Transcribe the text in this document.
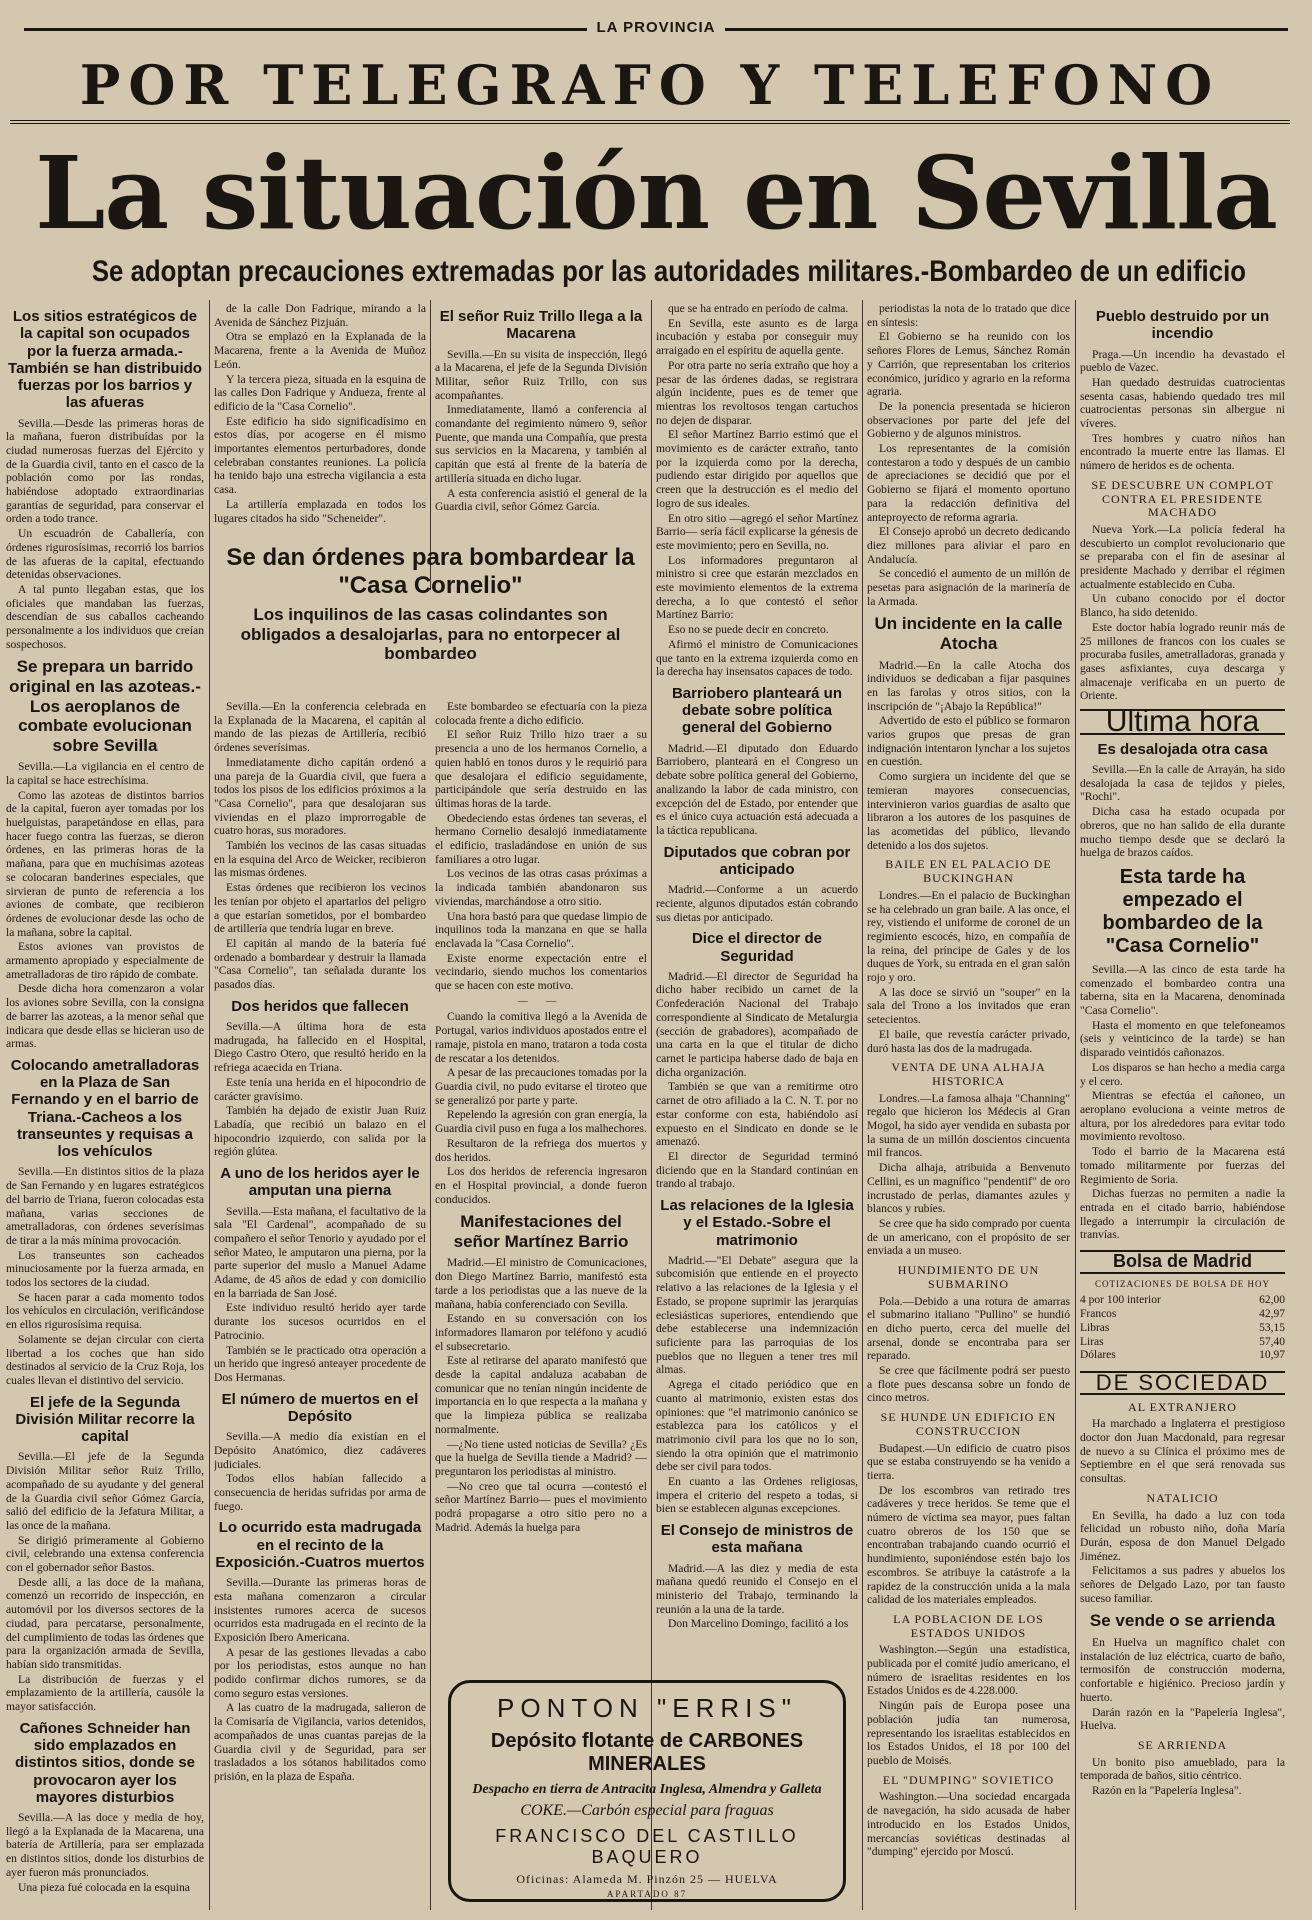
LA PROVINCIA
POR TELEGRAFO Y TELEFONO
La situación en Sevilla
Se adoptan precauciones extremadas por las autoridades militares.-Bombardeo de un edificio
Los sitios estratégicos de la capital son ocupados por la fuerza armada.-También se han distribuido fuerzas por los barrios y las afueras

Sevilla.—Desde las primeras horas de la mañana, fueron distribuídas por la ciudad numerosas fuerzas del Ejército y de la Guardia civil, tanto en el casco de la población como por las rondas, habiéndose adoptado extraordinarias garantías de seguridad, para conservar el orden a todo trance.

Un escuadrón de Caballería, con órdenes rigurosísimas, recorrió los barrios de las afueras de la capital, efectuando detenidas observaciones.

A tal punto llegaban estas, que los oficiales que mandaban las fuerzas, descendían de sus caballos cacheando personalmente a los individuos que creían sospechosos.

Se prepara un barrido original en las azoteas.-Los aeroplanos de combate evolucionan sobre Sevilla

Sevilla.—La vigilancia en el centro de la capital se hace estrechísima.

Como las azoteas de distintos barrios de la capital, fueron ayer tomadas por los huelguistas, parapetándose en ellas, para hacer fuego contra las fuerzas, se dieron órdenes, en las primeras horas de la mañana, para que en muchísimas azoteas se colocaran banderines especiales, que sirvieran de punto de referencia a los aviones de combate, que recibieron órdenes de evolucionar desde las ocho de la mañana, sobre la capital.

Estos aviones van provistos de armamento apropiado y especialmente de ametralladoras de tiro rápido de combate.

Desde dicha hora comenzaron a volar los aviones sobre Sevilla, con la consigna de barrer las azoteas, a la menor señal que indicara que desde ellas se hicieran uso de armas.

Colocando ametralladoras en la Plaza de San Fernando y en el barrio de Triana.-Cacheos a los transeuntes y requisas a los vehículos

Sevilla.—En distintos sitios de la plaza de San Fernando y en lugares estratégicos del barrio de Triana, fueron colocadas esta mañana, varias secciones de ametralladoras, con órdenes severísimas de tirar a la más mínima provocación.

Los transeuntes son cacheados minuciosamente por la fuerza armada, en todos los sectores de la ciudad.

Se hacen parar a cada momento todos los vehículos en circulación, verificándose en ellos rigurosísima requisa.

Solamente se dejan circular con cierta libertad a los coches que han sido destinados al servicio de la Cruz Roja, los cuales llevan el distintivo del servicio.

El jefe de la Segunda División Militar recorre la capital

Sevilla.—El jefe de la Segunda División Militar señor Ruiz Trillo, acompañado de su ayudante y del general de la Guardia civil señor Gómez García, salió del edificio de la Jefatura Militar, a las once de la mañana.

Se dirigió primeramente al Gobierno civil, celebrando una extensa conferencia con el gobernador señor Bastos.

Desde allí, a las doce de la mañana, comenzó un recorrido de inspección, en automóvil por los diversos sectores de la ciudad, para percatarse, personalmente, del cumplimiento de todas las órdenes que para la organización armada de Sevilla, habían sido transmitidas.

La distribución de fuerzas y el emplazamiento de la artillería, causóle la mayor satisfacción.

Cañones Schneider han sido emplazados en distintos sitios, donde se provocaron ayer los mayores disturbios

Sevilla.—A las doce y media de hoy, llegó a la Explanada de la Macarena, una batería de Artillería, para ser emplazada en distintos sitios, donde los disturbios de ayer fueron más pronunciados.

Una pieza fué colocada en la esquina

de la calle Don Fadrique, mirando a la Avenida de Sánchez Pizjuán.

Otra se emplazó en la Explanada de la Macarena, frente a la Avenida de Muñoz León.

Y la tercera pieza, situada en la esquina de las calles Don Fadrique y Andueza, frente al edificio de la "Casa Cornelio".

Este edificio ha sido significadísimo en estos días, por acogerse en él mismo importantes elementos perturbadores, donde celebraban constantes reuniones. La policía ha tenido bajo una estrecha vigilancia a esta casa.

La artillería emplazada en todos los lugares citados ha sido "Scheneider".

El señor Ruiz Trillo llega a la Macarena

Sevilla.—En su visita de inspección, llegó a la Macarena, el jefe de la Segunda División Militar, señor Ruiz Trillo, con sus acompañantes.

Inmediatamente, llamó a conferencia al comandante del regimiento número 9, señor Puente, que manda una Compañía, que presta sus servicios en la Macarena, y también al capitán que está al frente de la batería de artillería situada en dicho lugar.

A esta conferencia asistió el general de la Guardia civil, señor Gómez García.

Se dan órdenes para bombardear la "Casa Cornelio"
Los inquilinos de las casas colindantes son obligados a desalojarlas, para no entorpecer al bombardeo

Sevilla.—En la conferencia celebrada en la Explanada de la Macarena, el capitán al mando de las piezas de Artillería, recibió órdenes severísimas.

Inmediatamente dicho capitán ordenó a una pareja de la Guardia civil, que fuera a todos los pisos de los edificios próximos a la "Casa Cornelio", para que desalojaran sus viviendas en el plazo improrrogable de cuatro horas, sus moradores.

También los vecinos de las casas situadas en la esquina del Arco de Weicker, recibieron las mismas órdenes.

Estas órdenes que recibieron los vecinos les tenían por objeto el apartarlos del peligro a que estarían sometidos, por el bombardeo de artillería que tendría lugar en breve.

El capitán al mando de la batería fué ordenado a bombardear y destruir la llamada "Casa Cornelio", tan señalada durante los pasados días.

Dos heridos que fallecen

Sevilla.—A última hora de esta madrugada, ha fallecido en el Hospital, Diego Castro Otero, que resultó herido en la refriega acaecida en Triana.

Este tenía una herida en el hipocondrio de carácter gravísimo.

También ha dejado de existir Juan Ruiz Labadía, que recibió un balazo en el hipocondrio izquierdo, con salida por la región glútea.

A uno de los heridos ayer le amputan una pierna

Sevilla.—Esta mañana, el facultativo de la sala "El Cardenal", acompañado de su compañero el señor Tenorio y ayudado por el señor Mateo, le amputaron una pierna, por la parte superior del muslo a Manuel Adame Adame, de 45 años de edad y con domicilio en la barriada de San José.

Este individuo resultó herido ayer tarde durante los sucesos ocurridos en el Patrocinio.

También se le practicado otra operación a un herido que ingresó anteayer procedente de Dos Hermanas.

El número de muertos en el Depósito

Sevilla.—A medio día existían en el Depósito Anatómico, diez cadáveres judiciales.

Todos ellos habían fallecido a consecuencia de heridas sufridas por arma de fuego.

Lo ocurrido esta madrugada en el recinto de la Exposición.-Cuatros muertos

Sevilla.—Durante las primeras horas de esta mañana comenzaron a circular insistentes rumores acerca de sucesos ocurridos esta madrugada en el recinto de la Exposición Ibero Americana.

A pesar de las gestiones llevadas a cabo por los periodistas, estos aunque no han podido confirmar dichos rumores, se da como seguro estas versiones.

A las cuatro de la madrugada, salieron de la Comisaría de Vigilancia, varios detenidos, acompañados de unas cuantas parejas de la Guardia civil y de Seguridad, para ser trasladados a los sótanos habilitados como prisión, en la plaza de España.

Este bombardeo se efectuaría con la pieza colocada frente a dicho edificio.

El señor Ruiz Trillo hizo traer a su presencia a uno de los hermanos Cornelio, a quien habló en tonos duros y le requirió para que desalojara el edificio seguidamente, participándole que sería destruido en las últimas horas de la tarde.

Obedeciendo estas órdenes tan severas, el hermano Cornelio desalojó inmediatamente el edificio, trasladándose en unión de sus familiares a otro lugar.

Los vecinos de las otras casas próximas a la indicada también abandonaron sus viviendas, marchándose a otro sitio.

Una hora bastó para que quedase limpio de inquilinos toda la manzana en que se halla enclavada la "Casa Cornelio".

Existe enorme expectación entre el vecindario, siendo muchos los comentarios que se hacen con este motivo.

— —

Cuando la comitiva llegó a la Avenida de Portugal, varios individuos apostados entre el ramaje, pistola en mano, trataron a toda costa de rescatar a los detenidos.

A pesar de las precauciones tomadas por la Guardia civil, no pudo evitarse el tiroteo que se generalizó por parte y parte.

Repelendo la agresión con gran energía, la Guardia civil puso en fuga a los malhechores.

Resultaron de la refriega dos muertos y dos heridos.

Los dos heridos de referencia ingresaron en el Hospital provincial, a donde fueron conducidos.

Manifestaciones del señor Martínez Barrio

Madrid.—El ministro de Comunicaciones, don Diego Martínez Barrio, manifestó esta tarde a los periodistas que a las nueve de la mañana, había conferenciado con Sevilla.

Estando en su conversación con los informadores llamaron por teléfono y acudió el subsecretario.

Este al retirarse del aparato manifestó que desde la capital andaluza acababan de comunicar que no tenían ningún incidente de importancia en lo que respecta a la mañana y que la limpieza pública se realizaba normalmente.

—¿No tiene usted noticias de Sevilla? ¿Es que la huelga de Sevilla tiende a Madrid? —preguntaron los periodistas al ministro.

—No creo que tal ocurra —contestó el señor Martínez Barrio— pues el movimiento podrá propagarse a otro sitio pero no a Madrid. Además la huelga para

que se ha entrado en período de calma.

En Sevilla, este asunto es de larga incubación y estaba por conseguir muy arraigado en el espíritu de aquella gente.

Por otra parte no sería extraño que hoy a pesar de las órdenes dadas, se registrara algún incidente, pues es de temer que mientras los revoltosos tengan cartuchos no dejen de disparar.

El señor Martínez Barrio estimó que el movimiento es de carácter extraño, tanto por la izquierda como por la derecha, pudiendo estar dirigido por aquellos que creen que la destrucción es el medio del logro de sus ideales.

En otro sitio —agregó el señor Martínez Barrio— sería fácil explicarse la génesis de este movimiento; pero en Sevilla, no.

Los informadores preguntaron al ministro si cree que estarán mezclados en este movimiento elementos de la extrema derecha, a lo que contestó el señor Martínez Barrio:

Eso no se puede decir en concreto.

Afirmó el ministro de Comunicaciones que tanto en la extrema izquierda como en la derecha hay insensatos capaces de todo.

Barriobero planteará un debate sobre política general del Gobierno

Madrid.—El diputado don Eduardo Barriobero, planteará en el Congreso un debate sobre política general del Gobierno, analizando la labor de cada ministro, con excepción del de Estado, por entender que es el único cuya actuación está adecuada a la táctica republicana.

Diputados que cobran por anticipado

Madrid.—Conforme a un acuerdo reciente, algunos diputados están cobrando sus dietas por anticipado.

Dice el director de Seguridad

Madrid.—El director de Seguridad ha dicho haber recibido un carnet de la Confederación Nacional del Trabajo correspondiente al Sindicato de Metalurgia (sección de grabadores), acompañado de una carta en la que el titular de dicho carnet le participa haberse dado de baja en dicha organización.

También se que van a remitirme otro carnet de otro afiliado a la C. N. T. por no estar conforme con esta, habiéndolo así expuesto en el Sindicato en donde se le amenazó.

El director de Seguridad terminó diciendo que en la Standard continúan en trando al trabajo.

Las relaciones de la Iglesia y el Estado.-Sobre el matrimonio

Madrid.—"El Debate" asegura que la subcomisión que entiende en el proyecto relativo a las relaciones de la Iglesia y el Estado, se propone suprimir las jerarquías eclesiásticas superiores, entendiendo que debe establecerse una indemnización suficiente para las parroquias de los pueblos que no lleguen a tener tres mil almas.

Agrega el citado periódico que en cuanto al matrimonio, existen estas dos opiniones: que "el matrimonio canónico se establezca para los católicos y el matrimonio civil para los que no lo son, siendo la otra opinión que el matrimonio debe ser civil para todos.

En cuanto a las Ordenes religiosas, impera el criterio del respeto a todas, si bien se establecen algunas excepciones.

El Consejo de ministros de esta mañana

Madrid.—A las diez y media de esta mañana quedó reunido el Consejo en el ministerio del Trabajo, terminando la reunión a la una de la tarde.

Don Marcelino Domingo, facilitó a los

periodistas la nota de lo tratado que dice en síntesis:

El Gobierno se ha reunido con los señores Flores de Lemus, Sánchez Román y Carrión, que representaban los criterios económico, jurídico y agrario en la reforma agraria.

De la ponencia presentada se hicieron observaciones por parte del jefe del Gobierno y de algunos ministros.

Los representantes de la comisión contestaron a todo y después de un cambio de apreciaciones se decidió que por el Gobierno se fijará el momento oportuno para la redacción definitiva del anteproyecto de reforma agraria.

El Consejo aprobó un decreto dedicando diez millones para aliviar el paro en Andalucía.

Se concedió el aumento de un millón de pesetas para asignación de la marinería de la Armada.

Un incidente en la calle Atocha

Madrid.—En la calle Atocha dos individuos se dedicaban a fijar pasquines en las farolas y otros sitios, con la inscripción de "¡Abajo la República!"

Advertido de esto el público se formaron varios grupos que presas de gran indignación intentaron lynchar a los sujetos en cuestión.

Como surgiera un incidente del que se temieran mayores consecuencias, intervinieron varios guardias de asalto que libraron a los autores de los pasquines de las acometidas del público, llevando detenido a los dos sujetos.

BAILE EN EL PALACIO DE BUCKINGHAN

Londres.—En el palacio de Buckinghan se ha celebrado un gran baile. A las once, el rey, vistiendo el uniforme de coronel de un regimiento escocés, hizo, en compañía de la reina, del príncipe de Gales y de los duques de York, su entrada en el gran salón rojo y oro.

A las doce se sirvió un "souper" en la sala del Trono a los invitados que eran setecientos.

El baile, que revestía carácter privado, duró hasta las dos de la madrugada.

VENTA DE UNA ALHAJA HISTORICA

Londres.—La famosa alhaja "Channing" regalo que hicieron los Médecis al Gran Mogol, ha sido ayer vendida en subasta por la suma de un millón doscientos cincuenta mil francos.

Dicha alhaja, atribuida a Benvenuto Cellini, es un magnífico "pendentif" de oro incrustado de perlas, diamantes azules y blancos y rubíes.

Se cree que ha sido comprado por cuenta de un americano, con el propósito de ser enviada a un museo.

HUNDIMIENTO DE UN SUBMARINO

Pola.—Debido a una rotura de amarras el submarino italiano "Pullino" se hundió en dicho puerto, cerca del muelle del arsenal, donde se encontraba para ser reparado.

Se cree que fácilmente podrá ser puesto a flote pues descansa sobre un fondo de cinco metros.

SE HUNDE UN EDIFICIO EN CONSTRUCCION

Budapest.—Un edificio de cuatro pisos que se estaba construyendo se ha venido a tierra.

De los escombros van retirado tres cadáveres y trece heridos. Se teme que el número de víctima sea mayor, pues faltan cuatro obreros de los 150 que se encontraban trabajando cuando ocurrió el hundimiento, suponiéndose estén bajo los escombros. Se atribuye la catástrofe a la rapidez de la construcción unida a la mala calidad de los materiales empleados.

LA POBLACION DE LOS ESTADOS UNIDOS

Washington.—Según una estadística, publicada por el comité judío americano, el número de israelitas residentes en los Estados Unidos es de 4.228.000.

Ningún país de Europa posee una población judía tan numerosa, representando los israelitas establecidos en los Estados Unidos, el 18 por 100 del pueblo de Moisés.

EL "DUMPING" SOVIETICO

Washington.—Una sociedad encargada de navegación, ha sido acusada de haber introducido en los Estados Unidos, mercancías soviéticas destinadas al "dumping" ejercido por Moscú.

Pueblo destruido por un incendio

Praga.—Un incendio ha devastado el pueblo de Vazec.

Han quedado destruidas cuatrocientas sesenta casas, habiendo quedado tres mil cuatrocientas personas sin albergue ni víveres.

Tres hombres y cuatro niños han encontrado la muerte entre las llamas. El número de heridos es de ochenta.

SE DESCUBRE UN COMPLOT CONTRA EL PRESIDENTE MACHADO

Nueva York.—La policía federal ha descubierto un complot revolucionario que se preparaba con el fin de asesinar al presidente Machado y derribar el régimen actualmente establecido en Cuba.

Un cubano conocido por el doctor Blanco, ha sido detenido.

Este doctor había logrado reunir más de 25 millones de francos con los cuales se procuraba fusiles, ametralladoras, granada y gases asfixiantes, cuya descarga y almacenaje verificaba en un puerto de Oriente.

Ultima hora
Es desalojada otra casa

Sevilla.—En la calle de Arrayán, ha sido desalojada la casa de tejidos y pieles, "Rochi".

Dicha casa ha estado ocupada por obreros, que no han salido de ella durante mucho tiempo desde que se declaró la huelga de brazos caídos.

Esta tarde ha empezado el bombardeo de la "Casa Cornelio"

Sevilla.—A las cinco de esta tarde ha comenzado el bombardeo contra una taberna, sita en la Macarena, denominada "Casa Cornelio".

Hasta el momento en que telefoneamos (seis y veinticinco de la tarde) se han disparado veintidós cañonazos.

Los disparos se han hecho a media carga y el cero.

Mientras se efectúa el cañoneo, un aeroplano evoluciona a veinte metros de altura, por los alrededores para evitar todo movimiento revoltoso.

Todo el barrio de la Macarena está tomado militarmente por fuerzas del Regimiento de Soria.

Dichas fuerzas no permiten a nadie la entrada en el citado barrio, habiéndose llegado a interrumpir la circulación de tranvías.

Bolsa de Madrid
COTIZACIONES DE BOLSA DE HOY
4 por 100 interior	62,00
Francos	42,97
Libras	53,15
Liras	57,40
Dólares	10,97
DE SOCIEDAD
AL EXTRANJERO

Ha marchado a Inglaterra el prestigioso doctor don Juan Macdonald, para regresar de nuevo a su Clínica el próximo mes de Septiembre en el que será renovada sus consultas.

NATALICIO

En Sevilla, ha dado a luz con toda felicidad un robusto niño, doña María Durán, esposa de don Manuel Delgado Jiménez.

Felicitamos a sus padres y abuelos los señores de Delgado Lazo, por tan fausto suceso familiar.

Se vende o se arrienda

En Huelva un magnífico chalet con instalación de luz eléctrica, cuarto de baño, termosifón de construcción moderna, confortable e higiénico. Precioso jardín y huerto.

Darán razón en la "Papelería Inglesa", Huelva.

SE ARRIENDA

Un bonito piso amueblado, para la temporada de baños, sitio céntrico.

Razón en la "Papelería Inglesa".

PONTON "ERRIS"
Depósito flotante de CARBONES MINERALES
Despacho en tierra de Antracita Inglesa, Almendra y Galleta
COKE.—Carbón especial para fraguas
FRANCISCO DEL CASTILLO BAQUERO
Oficinas: Alameda M. Pinzón 25 — HUELVA
APARTADO 87
